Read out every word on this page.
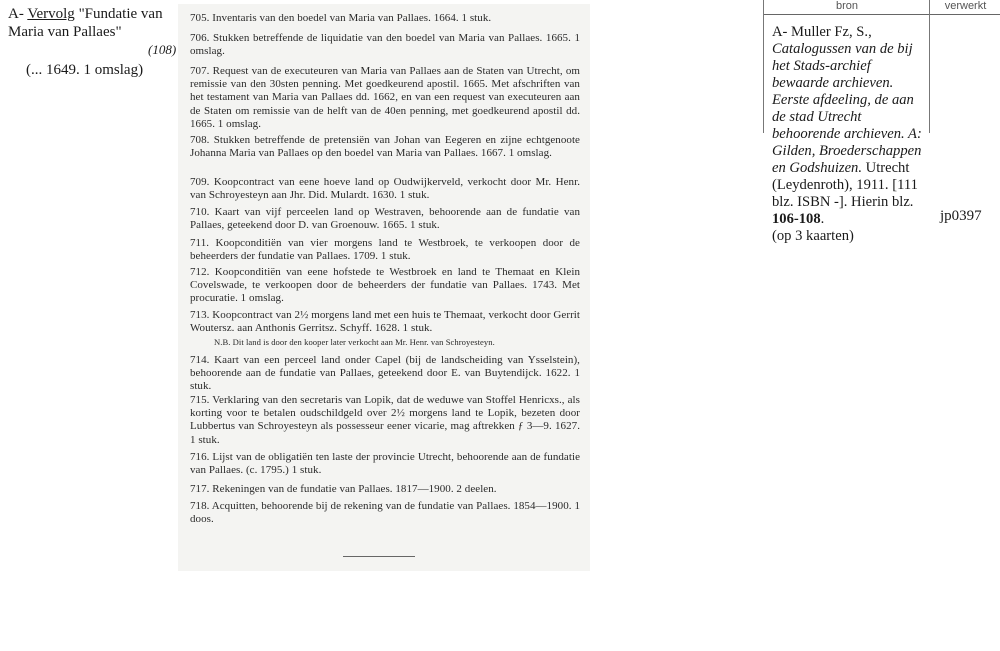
A- Vervolg "Fundatie van Maria van Pallaes"
(108)
(... 1649. 1 omslag)
705. Inventaris van den boedel van Maria van Pallaes. 1664. 1 stuk.
706. Stukken betreffende de liquidatie van den boedel van Maria van Pallaes. 1665. 1 omslag.
707. Request van de executeuren van Maria van Pallaes aan de Staten van Utrecht, om remissie van den 30sten penning. Met goedkeurend apostil. 1665. Met afschriften van het testament van Maria van Pallaes dd. 1662, en van een request van executeuren aan de Staten om remissie van de helft van de 40en penning, met goedkeurend apostil dd. 1665. 1 omslag.
708. Stukken betreffende de pretensiën van Johan van Eegeren en zijne echtgenoote Johanna Maria van Pallaes op den boedel van Maria van Pallaes. 1667. 1 omslag.
709. Koopcontract van eene hoeve land op Oudwijkerveld, verkocht door Mr. Henr. van Schroyesteyn aan Jhr. Did. Mulardt. 1630. 1 stuk.
710. Kaart van vijf perceelen land op Westraven, behoorende aan de fundatie van Pallaes, geteekend door D. van Groenouw. 1665. 1 stuk.
711. Koopconditiën van vier morgens land te Westbroek, te verkoopen door de beheerders der fundatie van Pallaes. 1709. 1 stuk.
712. Koopconditiën van eene hofstede te Westbroek en land te Themaat en Klein Covelswade, te verkoopen door de beheerders der fundatie van Pallaes. 1743. Met procuratie. 1 omslag.
713. Koopcontract van 2½ morgens land met een huis te Themaat, verkocht door Gerrit Woutersz. aan Anthonis Gerritsz. Schyff. 1628. 1 stuk.
N.B. Dit land is door den kooper later verkocht aan Mr. Henr. van Schroyesteyn.
714. Kaart van een perceel land onder Capel (bij de landscheiding van Ysselstein), behoorende aan de fundatie van Pallaes, geteekend door E. van Buytendijck. 1622. 1 stuk.
715. Verklaring van den secretaris van Lopik, dat de weduwe van Stoffel Henricxs., als korting voor te betalen oudschildgeld over 2½ morgens land te Lopik, bezeten door Lubbertus van Schroyesteyn als possesseur eener vicarie, mag aftrekken ƒ 3—9. 1627. 1 stuk.
716. Lijst van de obligatiën ten laste der provincie Utrecht, behoorende aan de fundatie van Pallaes. (c. 1795.) 1 stuk.
717. Rekeningen van de fundatie van Pallaes. 1817—1900. 2 deelen.
718. Acquitten, behoorende bij de rekening van de fundatie van Pallaes. 1854—1900. 1 doos.
bron	verwerkt
A- Muller Fz, S., Catalogussen van de bij het Stads-archief bewaarde archieven. Eerste afdeeling, de aan de stad Utrecht behoorende archieven. A: Gilden, Broederschappen en Godshuizen. Utrecht (Leydenroth), 1911. [111 blz. ISBN -]. Hierin blz. 106-108.
(op 3 kaarten)
jp0397
